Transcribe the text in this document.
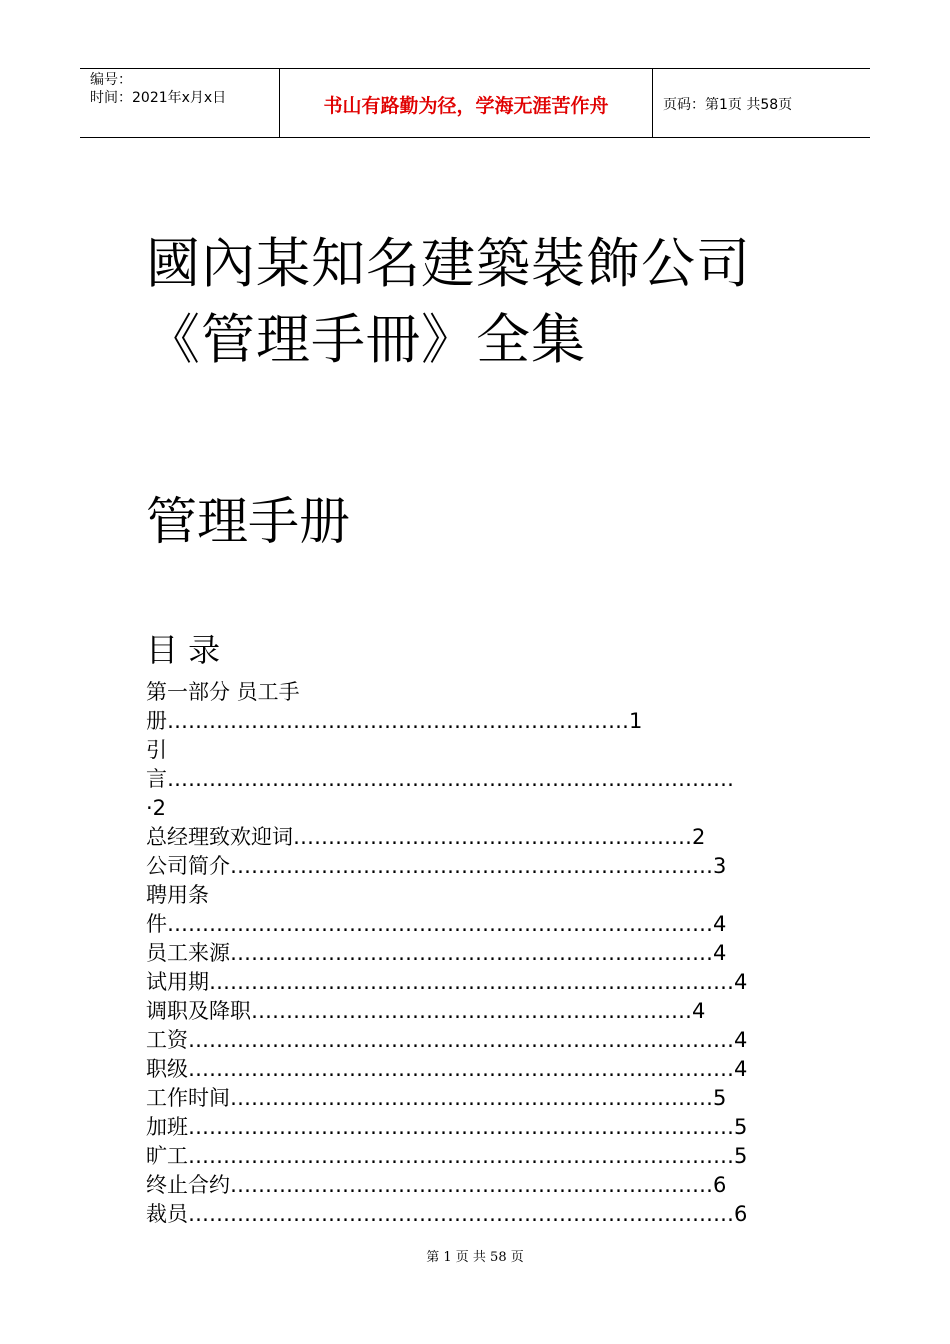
编号：
时间：2021年x月x日	书山有路勤为径，学海无涯苦作舟	页码：第1页 共58页
國內某知名建築裝飾公司
《管理手冊》全集
管理手册
目 录
第一部分 员工手
册…………………………………………………………1
引
言………………………………………………………………………
·2
总经理致欢迎词…………………………………………………2
公司简介……………………………………………………………3
聘用条
件……………………………………………………………………4
员工来源……………………………………………………………4
试用期…………………………………………………………………4
调职及降职………………………………………………………4
工资……………………………………………………………………4
职级……………………………………………………………………4
工作时间……………………………………………………………5
加班……………………………………………………………………5
旷工……………………………………………………………………5
终止合约……………………………………………………………6
裁员……………………………………………………………………6
第 1 页 共 58 页
